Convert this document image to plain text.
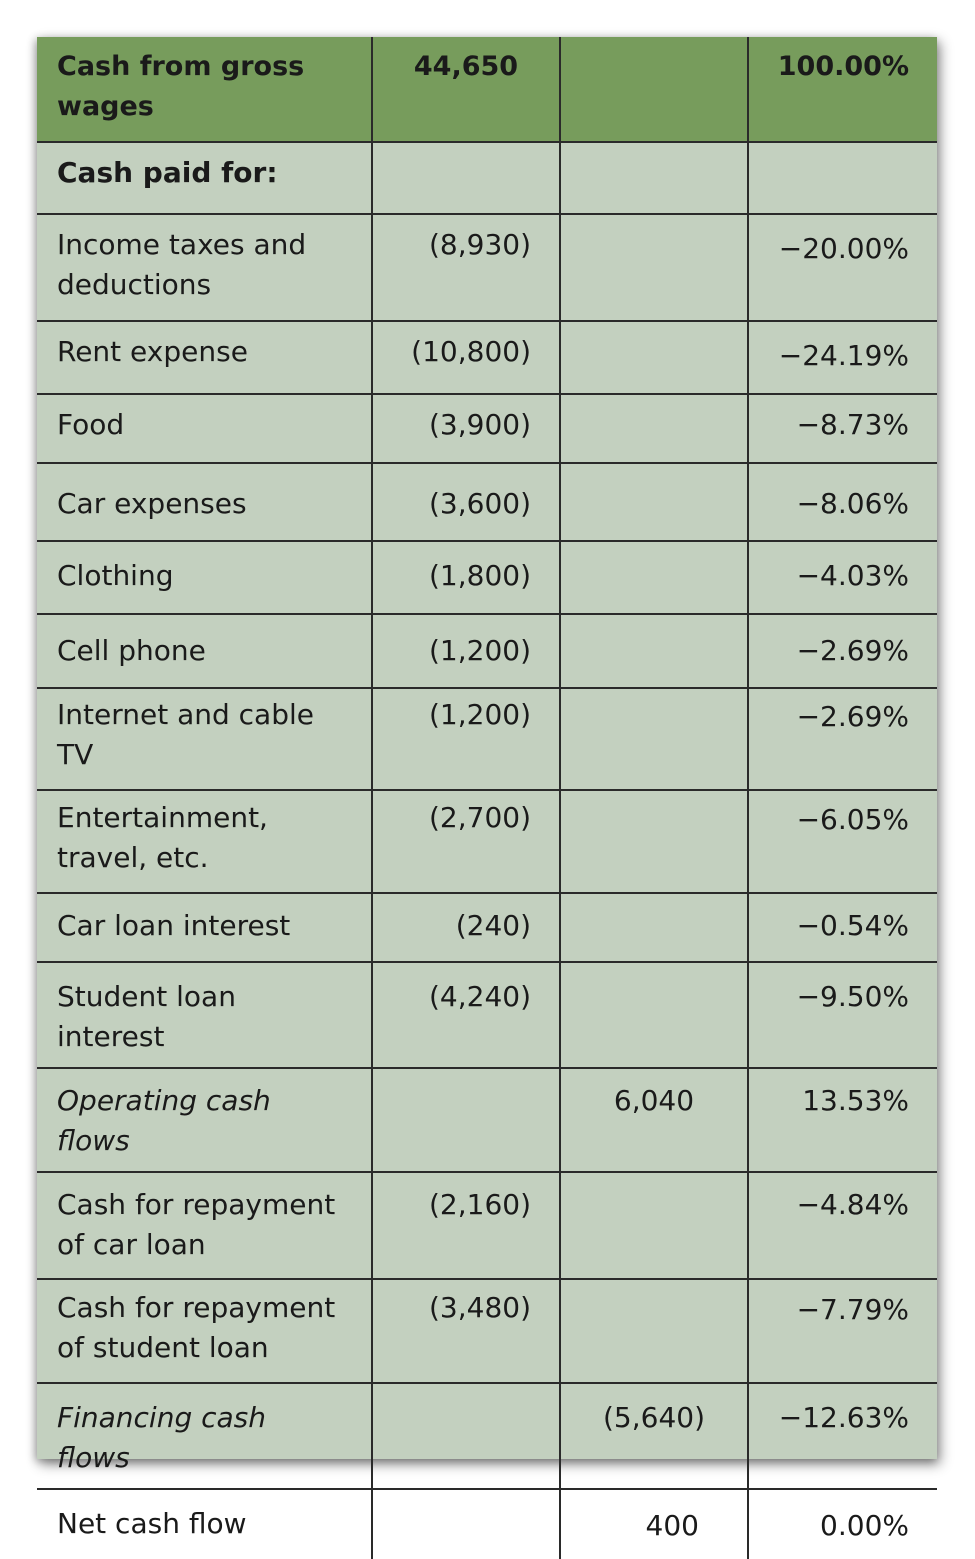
Cash from gross wages	44,650		100.00%
Cash paid for:			
Income taxes and deductions	(8,930)		−20.00%
Rent expense	(10,800)		−24.19%
Food	(3,900)		−8.73%
Car expenses	(3,600)		−8.06%
Clothing	(1,800)		−4.03%
Cell phone	(1,200)		−2.69%
Internet and cable TV	(1,200)		−2.69%
Entertainment, travel, etc.	(2,700)		−6.05%
Car loan interest	(240)		−0.54%
Student loan interest	(4,240)		−9.50%
Operating cash flows		6,040	13.53%
Cash for repayment of car loan	(2,160)		−4.84%
Cash for repayment of student loan	(3,480)		−7.79%
Financing cash flows		(5,640)	−12.63%
Net cash flow		400	0.00%
